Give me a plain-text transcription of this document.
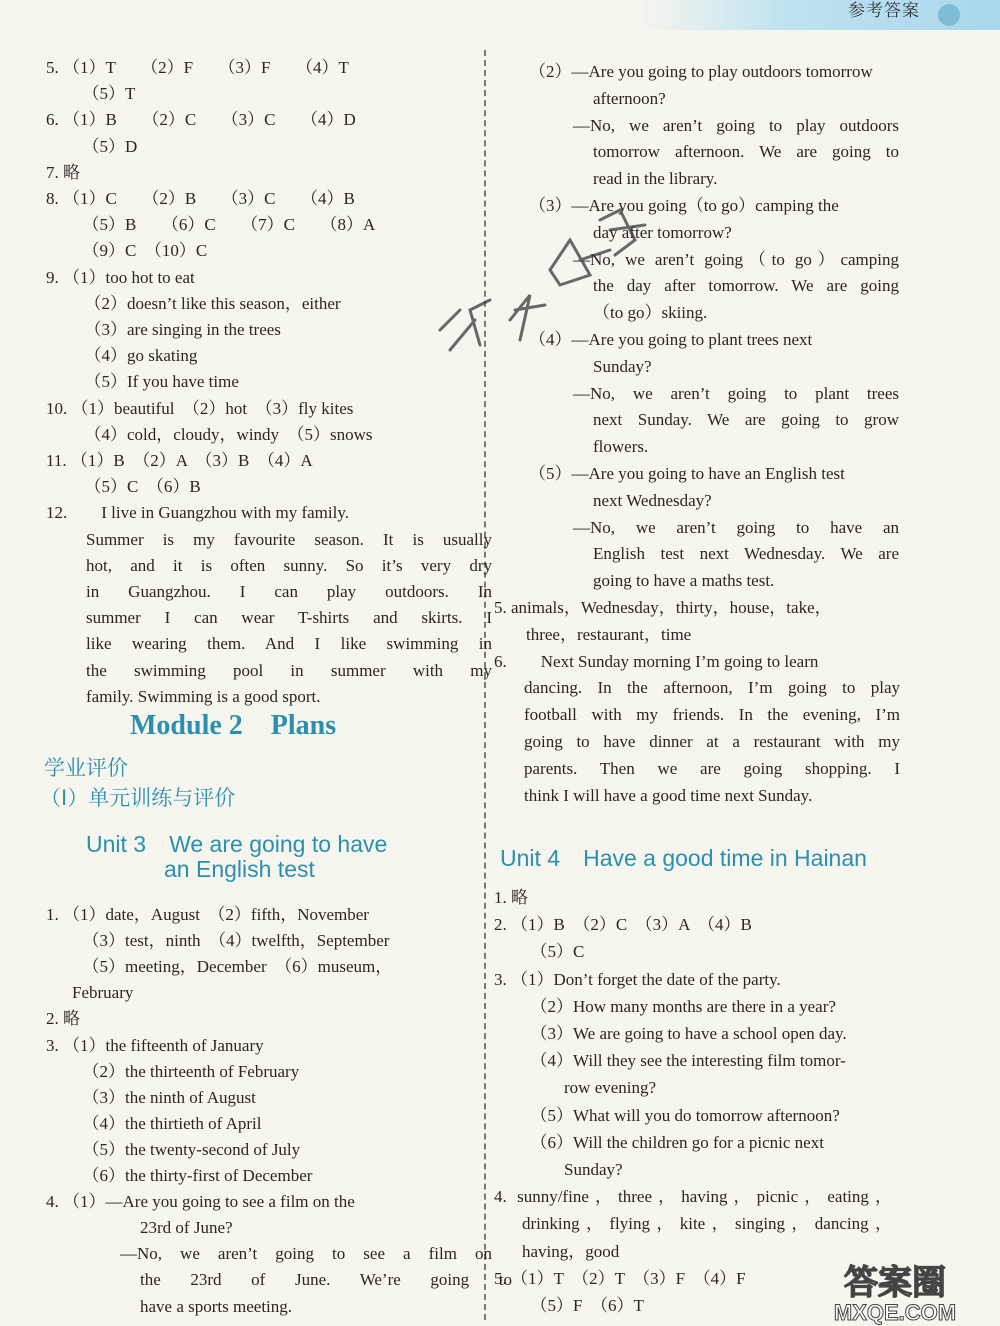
参考答案
5. （1）T　　（2）F　　（3）F　　（4）T
　（5）T
6. （1）B　　（2）C　　（3）C　　（4）D
　（5）D
7. 略
8. （1）C　　（2）B　　（3）C　　（4）B
　（5）B　　（6）C　　（7）C　　（8）A
　（9）C　（10）C
9. （1）too hot to eat
　（2）doesn’t like this season，either
　（3）are singing in the trees
　（4）go skating
　（5）If you have time
10. （1）beautiful　（2）hot　（3）fly kites
　（4）cold，cloudy，windy　（5）snows
11. （1）B　（2）A　（3）B　（4）A
　（5）C　（6）B
12.　　I live in Guangzhou with my family.
Summer is my favourite season. It is usually
hot, and it is often sunny. So it’s very dry
in Guangzhou. I can play outdoors. In
summer I can wear T-shirts and skirts. I
like wearing them. And I like swimming in
the swimming pool in summer with my
family. Swimming is a good sport.
Module 2 Plans
学业评价
（Ⅰ）单元训练与评价
Unit 3　We are going to have
an English test
1. （1）date，August　（2）fifth，November
　（3）test，ninth　（4）twelfth，September
　（5）meeting，December　（6）museum，
February
2. 略
3. （1）the fifteenth of January
　（2）the thirteenth of February
　（3）the ninth of August
　（4）the thirtieth of April
　（5）the twenty-second of July
　（6）the thirty-first of December
4. （1）—Are you going to see a film on the
23rd of June?
—No, we aren’t going to see a film on
the 23rd of June. We’re going to
have a sports meeting.
（2）—Are you going to play outdoors tomorrow
afternoon?
—No, we aren’t going to play outdoors
tomorrow afternoon. We are going to
read in the library.
（3）—Are you going（to go）camping the
day after tomorrow?
—No, we aren’t going（to go）camping
the day after tomorrow. We are going
（to go）skiing.
（4）—Are you going to plant trees next
Sunday?
—No, we aren’t going to plant trees
next Sunday. We are going to grow
flowers.
（5）—Are you going to have an English test
next Wednesday?
—No, we aren’t going to have an
English test next Wednesday. We are
going to have a maths test.
5. animals，Wednesday，thirty，house，take，
three，restaurant，time
6.　　Next Sunday morning I’m going to learn
dancing. In the afternoon, I’m going to play
football with my friends. In the evening, I’m
going to have dinner at a restaurant with my
parents. Then we are going shopping. I
think I will have a good time next Sunday.
Unit 4　Have a good time in Hainan
1. 略
2. （1）B　（2）C　（3）A　（4）B
　（5）C
3. （1）Don’t forget the date of the party.
　（2）How many months are there in a year?
　（3）We are going to have a school open day.
　（4）Will they see the interesting film tomor-
row evening?
　（5）What will you do tomorrow afternoon?
　（6）Will the children go for a picnic next
Sunday?
4. sunny/fine，three，having，picnic，eating，
drinking，flying，kite，singing，dancing，
having，good
5. （1）T　（2）T　（3）F　（4）F
　（5）F　（6）T
答案圈
MXQE.COM
